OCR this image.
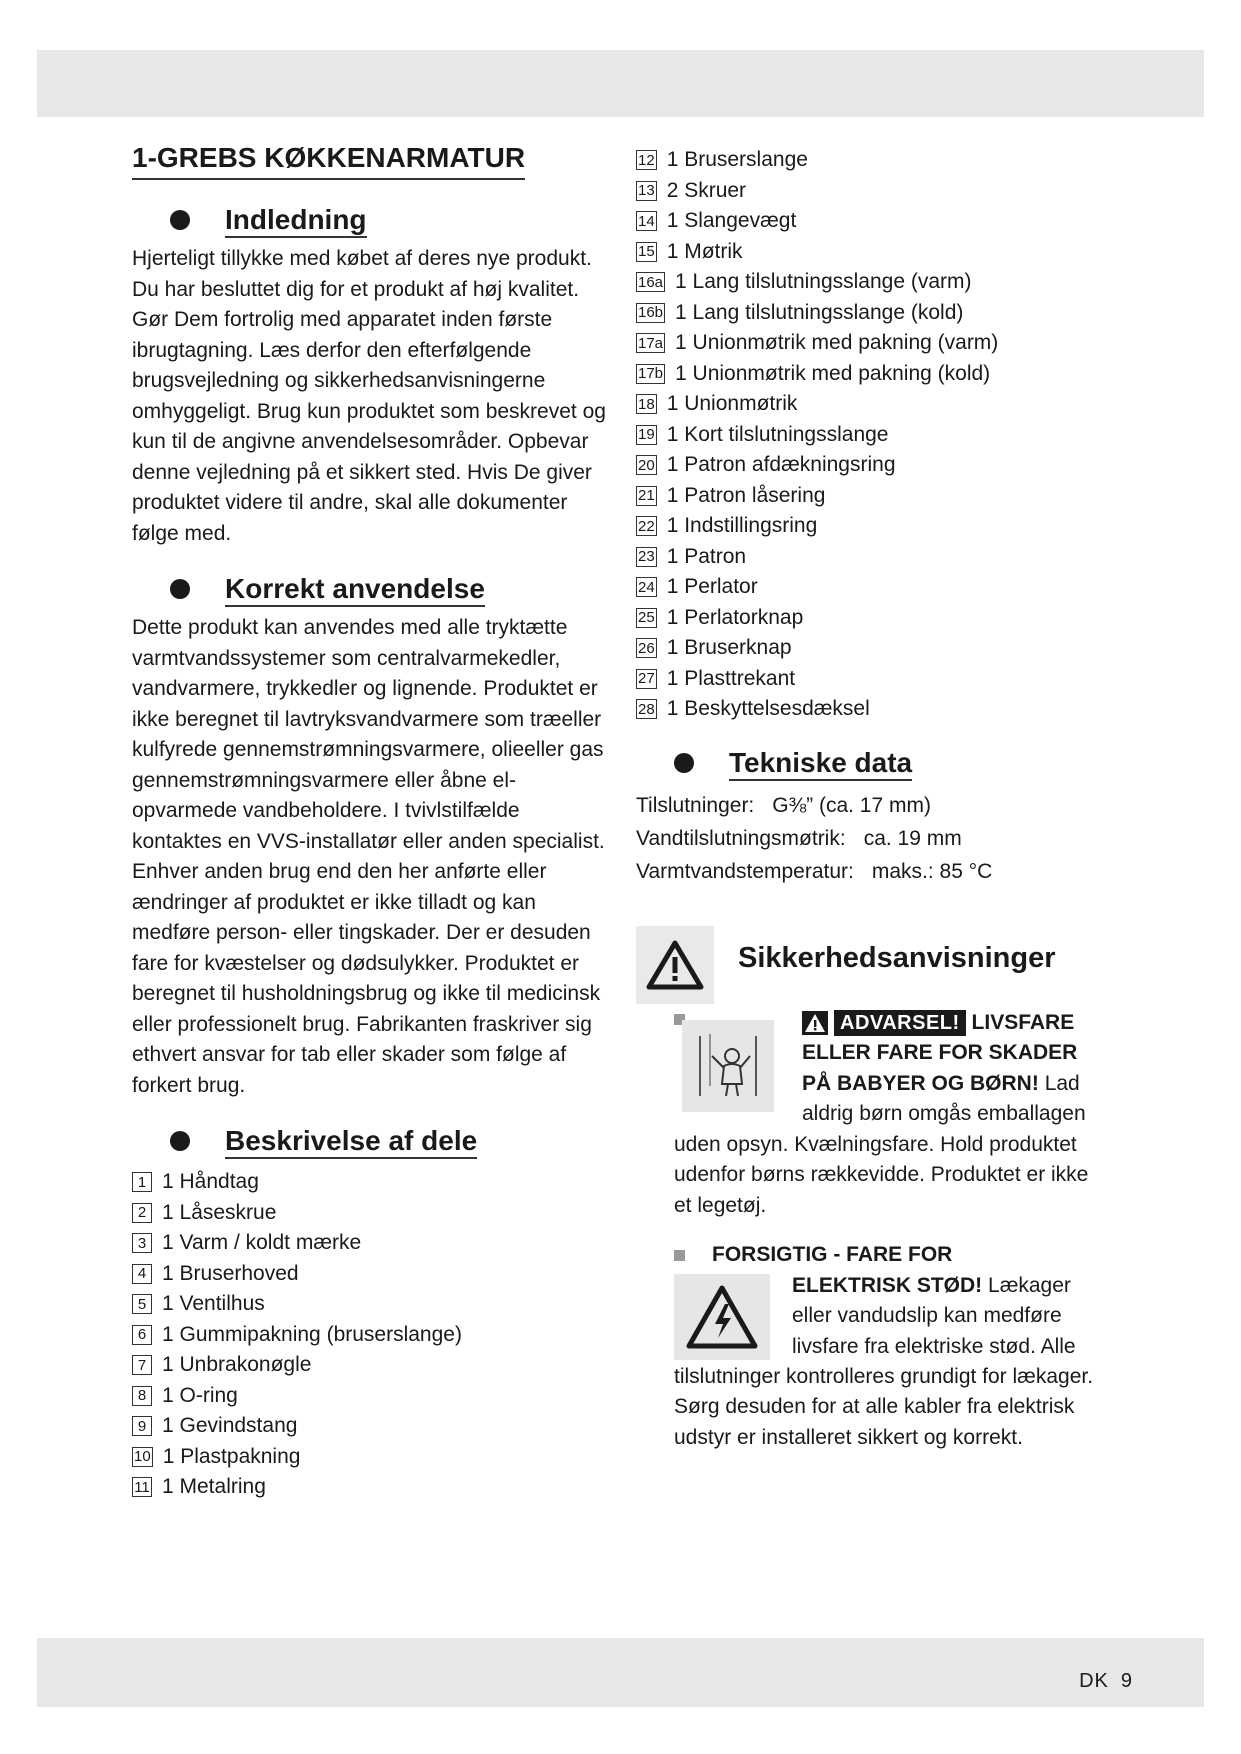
1-GREBS KØKKENARMATUR
Indledning

Hjerteligt tillykke med købet af deres nye produkt. Du har besluttet dig for et produkt af høj kvalitet. Gør Dem fortrolig med apparatet inden første ibrugtagning. Læs derfor den efterfølgende brugsvejledning og sikkerhedsanvisningerne omhyggeligt. Brug kun produktet som beskrevet og kun til de angivne anvendelsesområder. Opbevar denne vejledning på et sikkert sted. Hvis De giver produktet videre til andre, skal alle dokumenter følge med.

Korrekt anvendelse

Dette produkt kan anvendes med alle tryktætte varmtvandssystemer som centralvarmekedler, vandvarmere, trykkedler og lignende. Produktet er ikke beregnet til lavtryksvandvarmere som træeller kulfyrede gennemstrømningsvarmere, olieeller gas gennemstrømningsvarmere eller åbne el-opvarmede vandbeholdere. I tvivlstilfælde kontaktes en VVS-installatør eller anden specialist. Enhver anden brug end den her anførte eller ændringer af produktet er ikke tilladt og kan medføre person- eller tingskader. Der er desuden fare for kvæstelser og dødsulykker. Produktet er beregnet til husholdningsbrug og ikke til medicinsk eller professionelt brug. Fabrikanten fraskriver sig ethvert ansvar for tab eller skader som følge af forkert brug.

Beskrivelse af dele
1 1 Håndtag
2 1 Låseskrue
3 1 Varm / koldt mærke
4 1 Bruserhoved
5 1 Ventilhus
6 1 Gummipakning (bruserslange)
7 1 Unbrakonøgle
8 1 O-ring
9 1 Gevindstang
10 1 Plastpakning
11 1 Metalring
12 1 Bruserslange
13 2 Skruer
14 1 Slangevægt
15 1 Møtrik
16a 1 Lang tilslutningsslange (varm)
16b 1 Lang tilslutningsslange (kold)
17a 1 Unionmøtrik med pakning (varm)
17b 1 Unionmøtrik med pakning (kold)
18 1 Unionmøtrik
19 1 Kort tilslutningsslange
20 1 Patron afdækningsring
21 1 Patron låsering
22 1 Indstillingsring
23 1 Patron
24 1 Perlator
25 1 Perlatorknap
26 1 Bruserknap
27 1 Plasttrekant
28 1 Beskyttelsesdæksel
Tekniske data
Tilslutninger: G⅜” (ca. 17 mm)
Vandtilslutningsmøtrik: ca. 19 mm
Varmtvandstemperatur: maks.: 85 °C
Sikkerhedsanvisninger
ADVARSEL! LIVSFARE
ELLER FARE FOR SKADER
PÅ BABYER OG BØRN! Lad
aldrig børn omgås emballagen
uden opsyn. Kvælningsfare. Hold produktet
udenfor børns rækkevidde. Produktet er ikke
et legetøj.
FORSIGTIG - FARE FOR
ELEKTRISK STØD! Lækager
eller vandudslip kan medføre
livsfare fra elektriske stød. Alle
tilslutninger kontrolleres grundigt for lækager.
Sørg desuden for at alle kabler fra elektrisk
udstyr er installeret sikkert og korrekt.
DK 9
